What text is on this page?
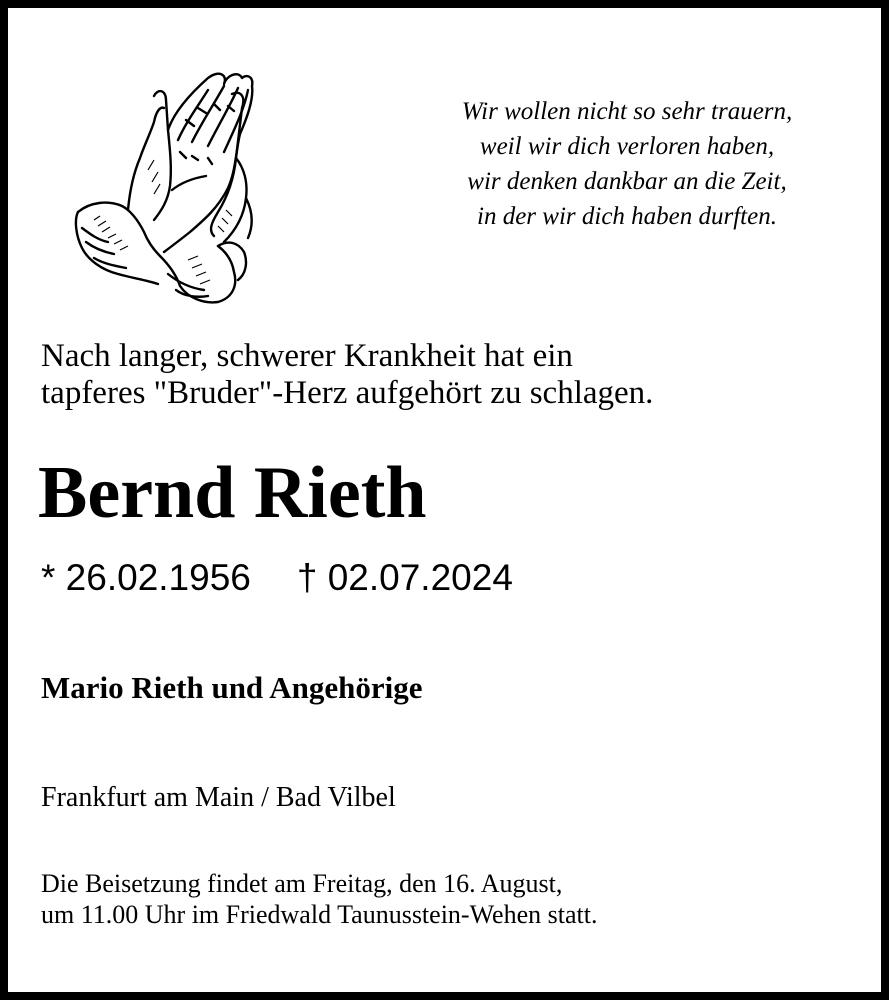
Wir wollen nicht so sehr trauern,
weil wir dich verloren haben,
wir denken dankbar an die Zeit,
in der wir dich haben durften.
Nach langer, schwerer Krankheit hat ein
tapferes "Bruder"-Herz aufgehört zu schlagen.
Bernd Rieth
* 26.02.1956 † 02.07.2024
Mario Rieth und Angehörige
Frankfurt am Main / Bad Vilbel
Die Beisetzung findet am Freitag, den 16. August,
um 11.00 Uhr im Friedwald Taunusstein-Wehen statt.
